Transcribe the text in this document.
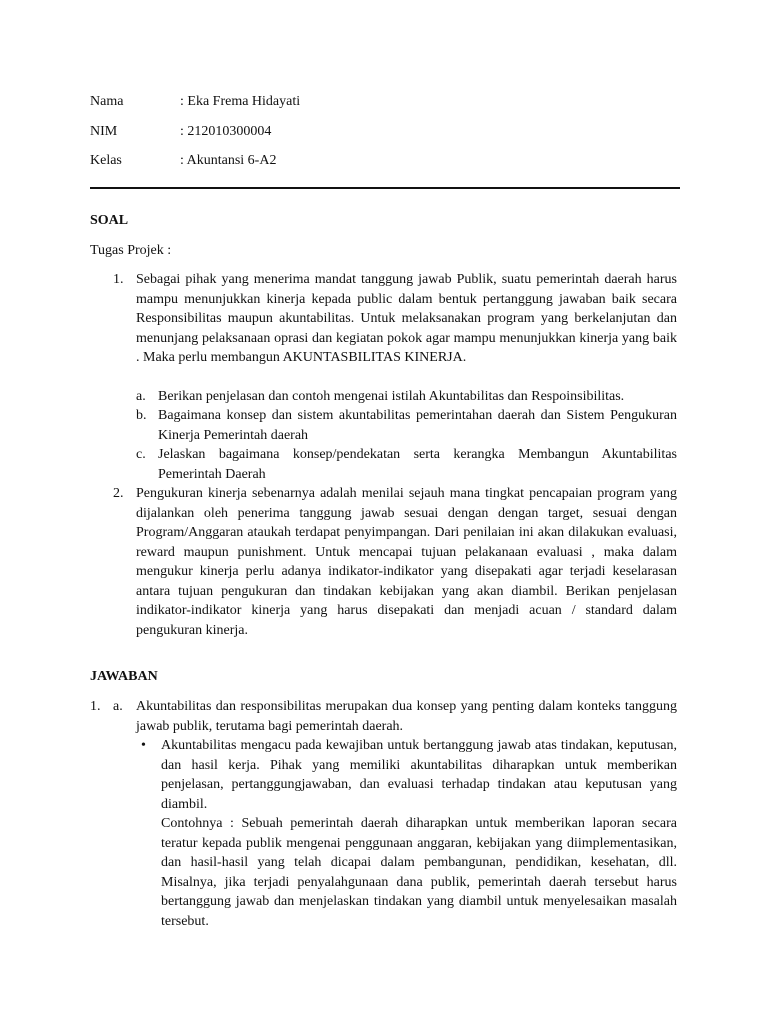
Nama	: Eka Frema Hidayati
NIM	: 212010300004
Kelas	: Akuntansi 6-A2
SOAL
Tugas Projek :
1. Sebagai pihak yang menerima mandat tanggung jawab Publik, suatu pemerintah daerah harus mampu menunjukkan kinerja kepada public dalam bentuk pertanggung jawaban baik secara Responsibilitas maupun akuntabilitas. Untuk melaksanakan program yang berkelanjutan dan menunjang pelaksanaan oprasi dan kegiatan pokok agar mampu menunjukkan kinerja yang baik . Maka perlu membangun AKUNTASBILITAS KINERJA.
a. Berikan penjelasan dan contoh mengenai istilah Akuntabilitas dan Respoinsibilitas.
b. Bagaimana konsep dan sistem akuntabilitas pemerintahan daerah dan Sistem Pengukuran Kinerja Pemerintah daerah
c. Jelaskan bagaimana konsep/pendekatan serta kerangka Membangun Akuntabilitas Pemerintah Daerah
2. Pengukuran kinerja sebenarnya adalah menilai sejauh mana tingkat pencapaian program yang dijalankan oleh penerima tanggung jawab sesuai dengan dengan target, sesuai dengan Program/Anggaran ataukah terdapat penyimpangan. Dari penilaian ini akan dilakukan evaluasi, reward maupun punishment. Untuk mencapai tujuan pelakanaan evaluasi , maka dalam mengukur kinerja perlu adanya indikator-indikator yang disepakati agar terjadi keselarasan antara tujuan pengukuran dan tindakan kebijakan yang akan diambil. Berikan penjelasan indikator-indikator kinerja yang harus disepakati dan menjadi acuan / standard dalam pengukuran kinerja.
JAWABAN
1. a. Akuntabilitas dan responsibilitas merupakan dua konsep yang penting dalam konteks tanggung jawab publik, terutama bagi pemerintah daerah.
• Akuntabilitas mengacu pada kewajiban untuk bertanggung jawab atas tindakan, keputusan, dan hasil kerja. Pihak yang memiliki akuntabilitas diharapkan untuk memberikan penjelasan, pertanggungjawaban, dan evaluasi terhadap tindakan atau keputusan yang diambil.
Contohnya : Sebuah pemerintah daerah diharapkan untuk memberikan laporan secara teratur kepada publik mengenai penggunaan anggaran, kebijakan yang diimplementasikan, dan hasil-hasil yang telah dicapai dalam pembangunan, pendidikan, kesehatan, dll. Misalnya, jika terjadi penyalahgunaan dana publik, pemerintah daerah tersebut harus bertanggung jawab dan menjelaskan tindakan yang diambil untuk menyelesaikan masalah tersebut.
